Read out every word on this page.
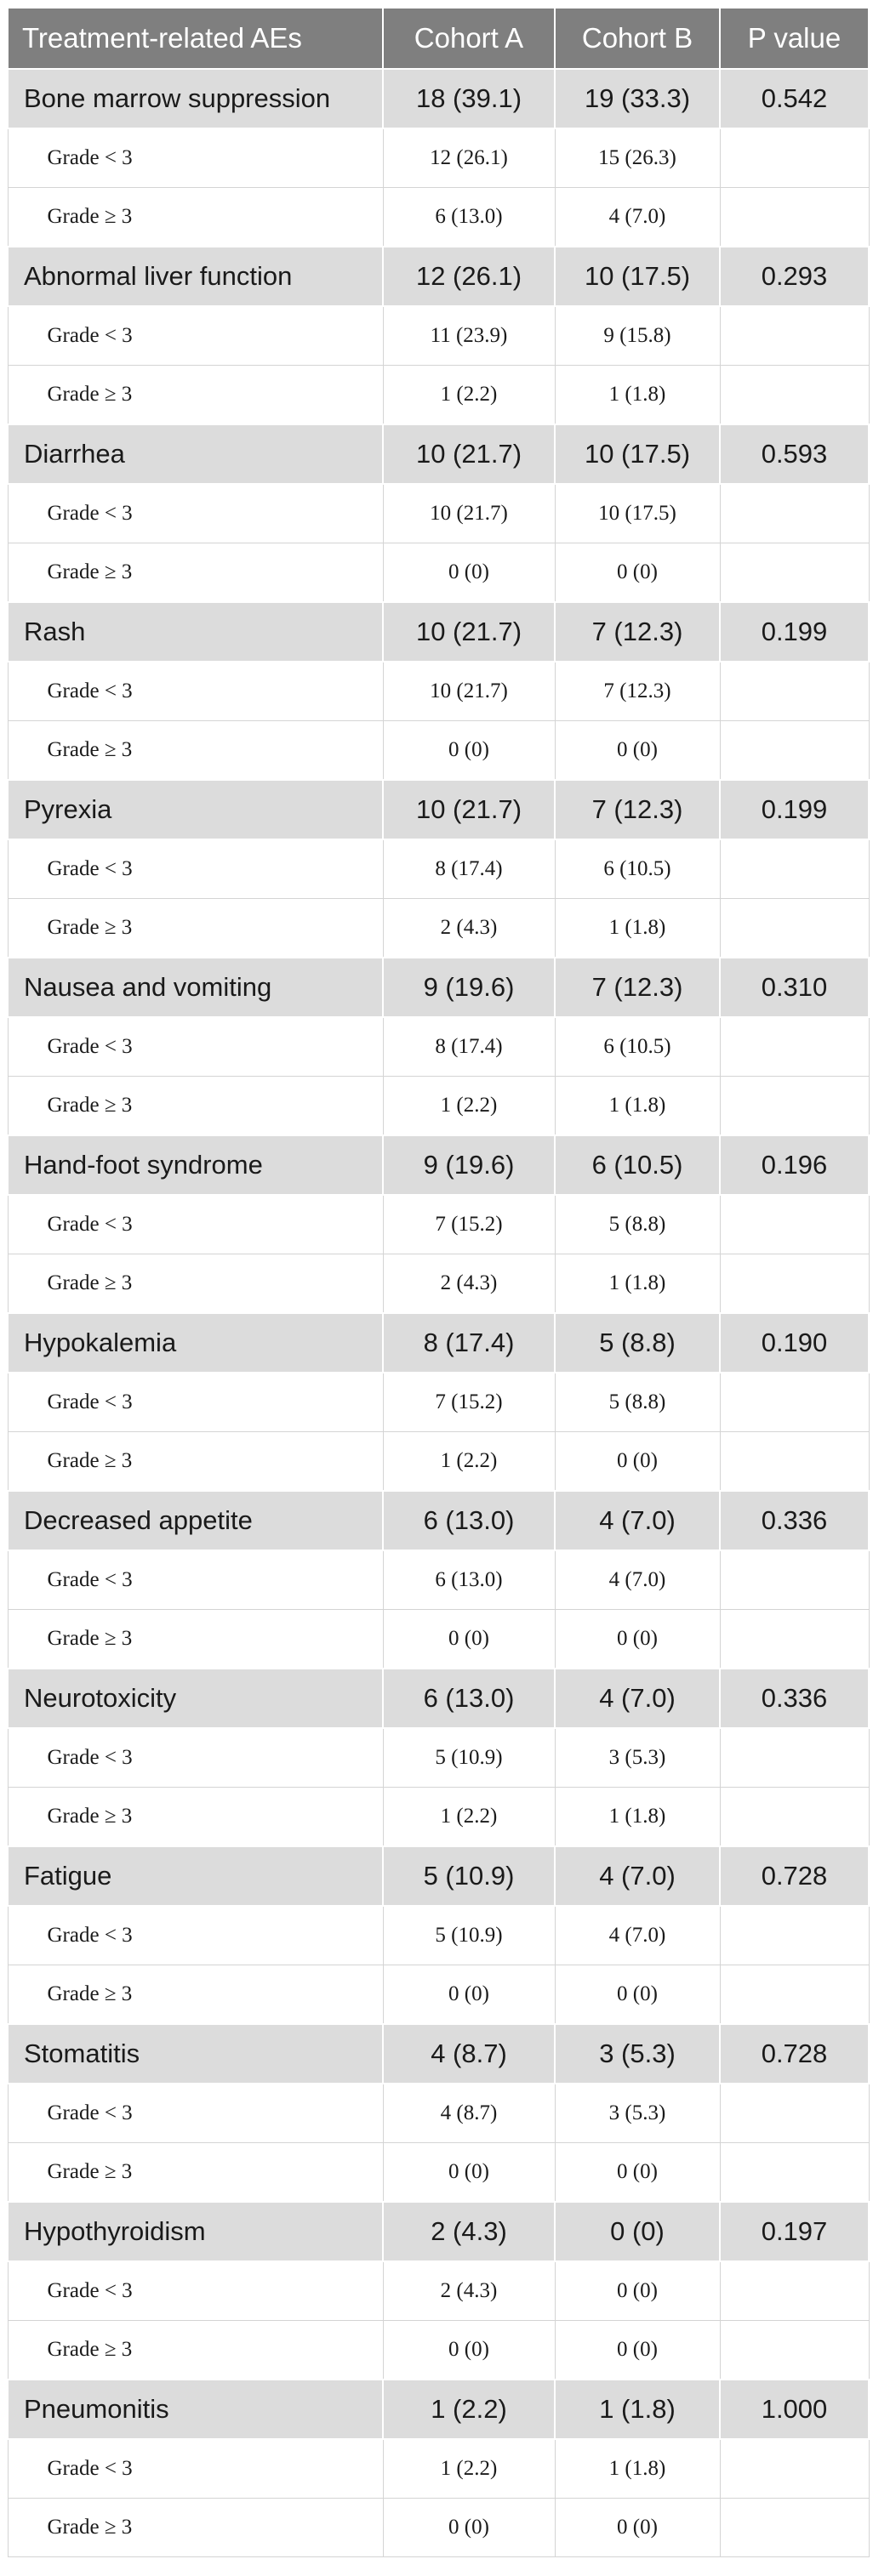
Treatment-related AEs	Cohort A	Cohort B	P value
Bone marrow suppression	18 (39.1)	19 (33.3)	0.542
Grade < 3	12 (26.1)	15 (26.3)	
Grade ≥ 3	6 (13.0)	4 (7.0)	
Abnormal liver function	12 (26.1)	10 (17.5)	0.293
Grade < 3	11 (23.9)	9 (15.8)	
Grade ≥ 3	1 (2.2)	1 (1.8)	
Diarrhea	10 (21.7)	10 (17.5)	0.593
Grade < 3	10 (21.7)	10 (17.5)	
Grade ≥ 3	0 (0)	0 (0)	
Rash	10 (21.7)	7 (12.3)	0.199
Grade < 3	10 (21.7)	7 (12.3)	
Grade ≥ 3	0 (0)	0 (0)	
Pyrexia	10 (21.7)	7 (12.3)	0.199
Grade < 3	8 (17.4)	6 (10.5)	
Grade ≥ 3	2 (4.3)	1 (1.8)	
Nausea and vomiting	9 (19.6)	7 (12.3)	0.310
Grade < 3	8 (17.4)	6 (10.5)	
Grade ≥ 3	1 (2.2)	1 (1.8)	
Hand-foot syndrome	9 (19.6)	6 (10.5)	0.196
Grade < 3	7 (15.2)	5 (8.8)	
Grade ≥ 3	2 (4.3)	1 (1.8)	
Hypokalemia	8 (17.4)	5 (8.8)	0.190
Grade < 3	7 (15.2)	5 (8.8)	
Grade ≥ 3	1 (2.2)	0 (0)	
Decreased appetite	6 (13.0)	4 (7.0)	0.336
Grade < 3	6 (13.0)	4 (7.0)	
Grade ≥ 3	0 (0)	0 (0)	
Neurotoxicity	6 (13.0)	4 (7.0)	0.336
Grade < 3	5 (10.9)	3 (5.3)	
Grade ≥ 3	1 (2.2)	1 (1.8)	
Fatigue	5 (10.9)	4 (7.0)	0.728
Grade < 3	5 (10.9)	4 (7.0)	
Grade ≥ 3	0 (0)	0 (0)	
Stomatitis	4 (8.7)	3 (5.3)	0.728
Grade < 3	4 (8.7)	3 (5.3)	
Grade ≥ 3	0 (0)	0 (0)	
Hypothyroidism	2 (4.3)	0 (0)	0.197
Grade < 3	2 (4.3)	0 (0)	
Grade ≥ 3	0 (0)	0 (0)	
Pneumonitis	1 (2.2)	1 (1.8)	1.000
Grade < 3	1 (2.2)	1 (1.8)	
Grade ≥ 3	0 (0)	0 (0)	
